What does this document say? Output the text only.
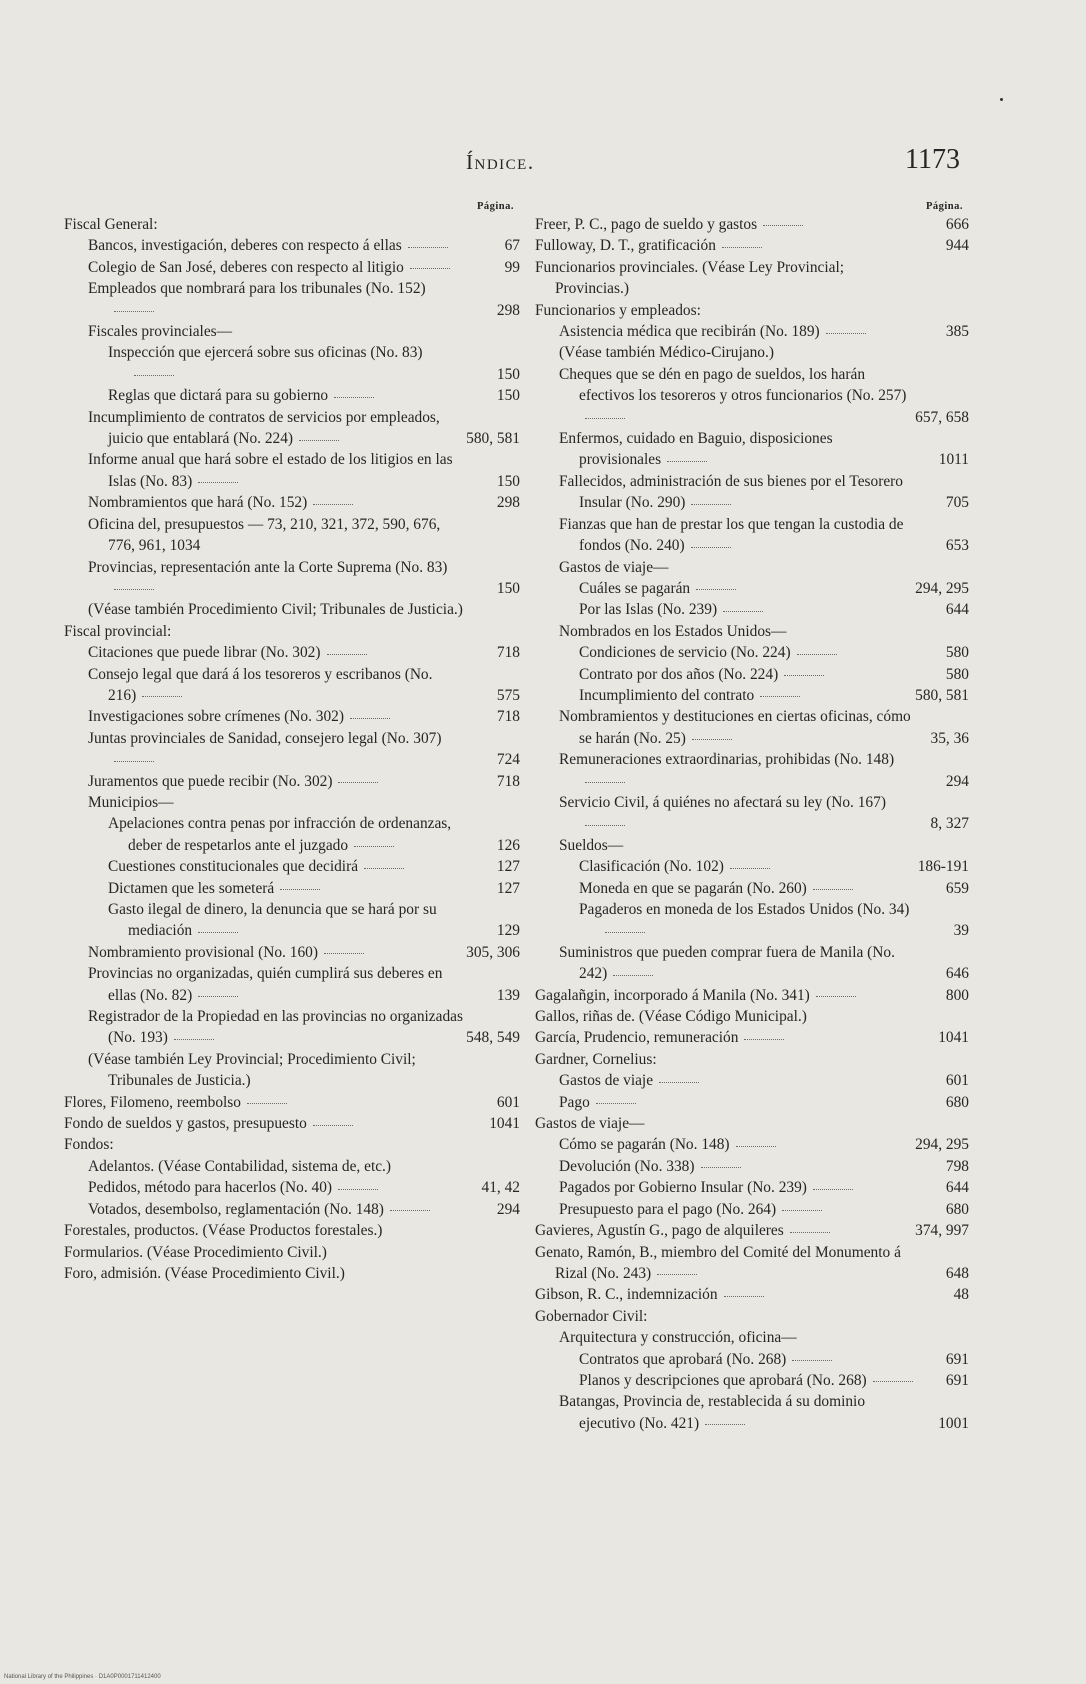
Índice.	1173
Página.
Fiscal General:
Bancos, investigación, deberes con respecto á ellas	67
Colegio de San José, deberes con respecto al litigio	99
Empleados que nombrará para los tribunales (No. 152)
298
Fiscales provinciales—
Inspección que ejercerá sobre sus oficinas (No. 83)
150
Reglas que dictará para su gobierno	150
Incumplimiento de contratos de servicios por empleados, juicio que entablará (No. 224)	580, 581
Informe anual que hará sobre el estado de los litigios en las Islas (No. 83)	150
Nombramientos que hará (No. 152)	298
Oficina del, presupuestos — 73, 210, 321, 372, 590, 676, 776, 961, 1034
Provincias, representación ante la Corte Suprema (No. 83)
150
(Véase también Procedimiento Civil; Tribunales de Justicia.)
Fiscal provincial:
Citaciones que puede librar (No. 302)	718
Consejo legal que dará á los tesoreros y escribanos (No. 216)	575
Investigaciones sobre crímenes (No. 302)	718
Juntas provinciales de Sanidad, consejero legal (No. 307)
724
Juramentos que puede recibir (No. 302)	718
Municipios—
Apelaciones contra penas por infracción de ordenanzas, deber de respetarlos ante el juzgado	126
Cuestiones constitucionales que decidirá	127
Dictamen que les someterá	127
Gasto ilegal de dinero, la denuncia que se hará por su mediación	129
Nombramiento provisional (No. 160)	305, 306
Provincias no organizadas, quién cumplirá sus deberes en ellas (No. 82)	139
Registrador de la Propiedad en las provincias no organizadas (No. 193)	548, 549
(Véase también Ley Provincial; Procedimiento Civil; Tribunales de Justicia.)
Flores, Filomeno, reembolso	601
Fondo de sueldos y gastos, presupuesto	1041
Fondos:
Adelantos. (Véase Contabilidad, sistema de, etc.)
Pedidos, método para hacerlos (No. 40)	41, 42
Votados, desembolso, reglamentación (No. 148)	294
Forestales, productos. (Véase Productos forestales.)
Formularios. (Véase Procedimiento Civil.)
Foro, admisión. (Véase Procedimiento Civil.)
Página.
Freer, P. C., pago de sueldo y gastos	666
Fulloway, D. T., gratificación	944
Funcionarios provinciales. (Véase Ley Provincial; Provincias.)
Funcionarios y empleados:
Asistencia médica que recibirán (No. 189)	385
(Véase también Médico-Cirujano.)
Cheques que se dén en pago de sueldos, los harán efectivos los tesoreros y otros funcionarios (No. 257)
657, 658
Enfermos, cuidado en Baguio, disposiciones provisionales	1011
Fallecidos, administración de sus bienes por el Tesorero Insular (No. 290)	705
Fianzas que han de prestar los que tengan la custodia de fondos (No. 240)	653
Gastos de viaje—
Cuáles se pagarán	294, 295
Por las Islas (No. 239)	644
Nombrados en los Estados Unidos—
Condiciones de servicio (No. 224)	580
Contrato por dos años (No. 224)	580
Incumplimiento del contrato	580, 581
Nombramientos y destituciones en ciertas oficinas, cómo se harán (No. 25)	35, 36
Remuneraciones extraordinarias, prohibidas (No. 148)
294
Servicio Civil, á quiénes no afectará su ley (No. 167)
8, 327
Sueldos—
Clasificación (No. 102)	186-191
Moneda en que se pagarán (No. 260)	659
Pagaderos en moneda de los Estados Unidos (No. 34)
39
Suministros que pueden comprar fuera de Manila (No. 242)	646
Gagalañgin, incorporado á Manila (No. 341)	800
Gallos, riñas de. (Véase Código Municipal.)
García, Prudencio, remuneración	1041
Gardner, Cornelius:
Gastos de viaje	601
Pago	680
Gastos de viaje—
Cómo se pagarán (No. 148)	294, 295
Devolución (No. 338)	798
Pagados por Gobierno Insular (No. 239)	644
Presupuesto para el pago (No. 264)	680
Gavieres, Agustín G., pago de alquileres	374, 997
Genato, Ramón, B., miembro del Comité del Monumento á Rizal (No. 243)	648
Gibson, R. C., indemnización	48
Gobernador Civil:
Arquitectura y construcción, oficina—
Contratos que aprobará (No. 268)	691
Planos y descripciones que aprobará (No. 268)	691
Batangas, Provincia de, restablecida á su dominio ejecutivo (No. 421)	1001
National Library of the Philippines · D1A0P0001711412400
